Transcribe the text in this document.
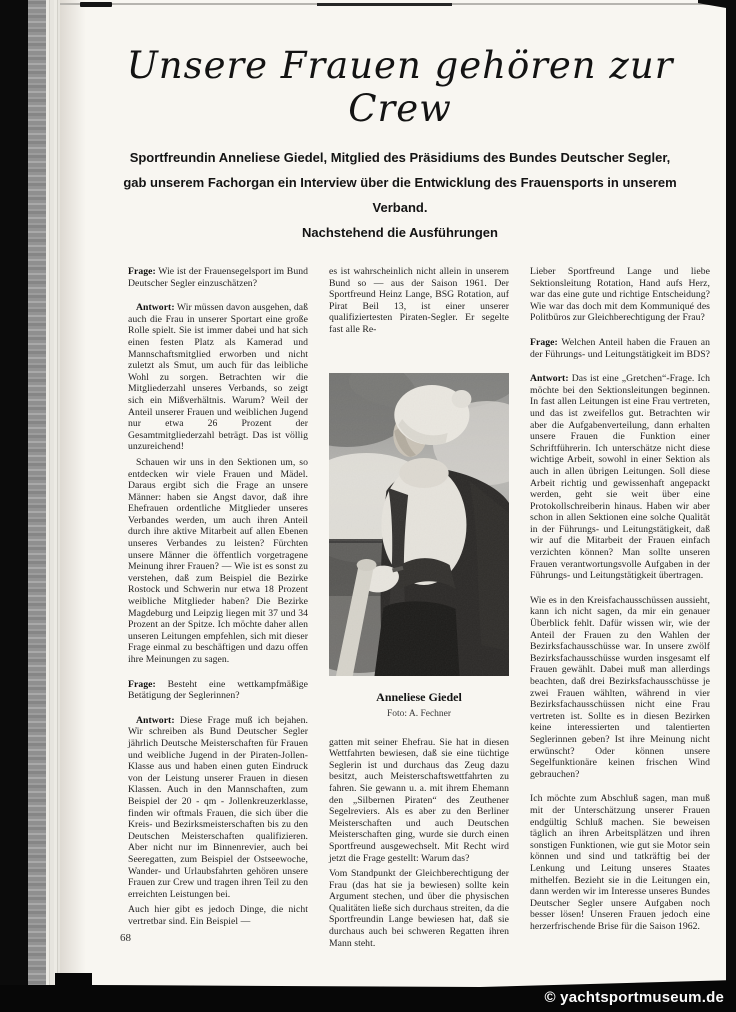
Unsere Frauen gehören zur Crew
Sportfreundin Anneliese Giedel, Mitglied des Präsidiums des Bundes Deutscher Segler,
gab unserem Fachorgan ein Interview über die Entwicklung des Frauensports in unserem Verband.
Nachstehend die Ausführungen

Frage: Wie ist der Frauensegelsport im Bund Deutscher Segler einzuschätzen?

Antwort: Wir müssen davon ausgehen, daß auch die Frau in unserer Sportart eine große Rolle spielt. Sie ist immer dabei und hat sich einen festen Platz als Kamerad und Mannschaftsmitglied erworben und nicht zuletzt als Smut, um auch für das leibliche Wohl zu sorgen. Betrachten wir die Mitgliederzahl unseres Verbands, so zeigt sich ein Mißverhältnis. Warum? Weil der Anteil unserer Frauen und weiblichen Jugend nur etwa 26 Prozent der Gesamtmitgliederzahl beträgt. Das ist völlig unzureichend!

Schauen wir uns in den Sektionen um, so entdecken wir viele Frauen und Mädel. Daraus ergibt sich die Frage an unsere Männer: haben sie Angst davor, daß ihre Ehefrauen ordentliche Mitglieder unseres Verbandes werden, um auch ihren Anteil durch ihre aktive Mitarbeit auf allen Ebenen unseres Verbandes zu leisten? Fürchten unsere Männer die öffentlich vorgetragene Meinung ihrer Frauen? — Wie ist es sonst zu verstehen, daß zum Beispiel die Bezirke Rostock und Schwerin nur etwa 18 Prozent weibliche Mitglieder haben? Die Bezirke Magdeburg und Leipzig liegen mit 37 und 34 Prozent an der Spitze. Ich möchte daher allen unseren Leitungen empfehlen, sich mit dieser Frage einmal zu beschäftigen und dazu offen ihre Meinungen zu sagen.

Frage: Besteht eine wettkampfmäßige Betätigung der Seglerinnen?

Antwort: Diese Frage muß ich bejahen. Wir schreiben als Bund Deutscher Segler jährlich Deutsche Meisterschaften für Frauen und weibliche Jugend in der Piraten-Jollen-Klasse aus und haben einen guten Eindruck von der Leistung unserer Frauen in diesen Klassen. Auch in den Mannschaften, zum Beispiel der 20 - qm - Jollenkreuzerklasse, finden wir oftmals Frauen, die sich über die Kreis- und Bezirksmeisterschaften bis zu den Deutschen Meisterschaften qualifizieren. Aber nicht nur im Binnenrevier, auch bei Seeregatten, zum Beispiel der Ostseewoche, Wander- und Urlaubsfahrten gehören unsere Frauen zur Crew und tragen ihren Teil zu den erreichten Leistungen bei.

Auch hier gibt es jedoch Dinge, die nicht vertretbar sind. Ein Beispiel —

es ist wahrscheinlich nicht allein in unserem Bund so — aus der Saison 1961. Der Sportfreund Heinz Lange, BSG Rotation, auf Pirat Beil 13, ist einer unserer qualifiziertesten Piraten-Segler. Er segelte fast alle Re-

Anneliese Giedel
Foto: A. Fechner

gatten mit seiner Ehefrau. Sie hat in diesen Wettfahrten bewiesen, daß sie eine tüchtige Seglerin ist und durchaus das Zeug dazu besitzt, auch Meisterschaftswettfahrten zu fahren. Sie gewann u. a. mit ihrem Ehemann den „Silbernen Piraten“ des Zeuthener Segelreviers. Als es aber zu den Berliner Meisterschaften und auch Deutschen Meisterschaften ging, wurde sie durch einen Sportfreund ausgewechselt. Mit Recht wird jetzt die Frage gestellt: Warum das?

Vom Standpunkt der Gleichberechtigung der Frau (das hat sie ja bewiesen) sollte kein Argument stechen, und über die physischen Qualitäten ließe sich durchaus streiten, da die Sportfreundin Lange bewiesen hat, daß sie durchaus auch bei schweren Regatten ihren Mann steht.

Lieber Sportfreund Lange und liebe Sektionsleitung Rotation, Hand aufs Herz, war das eine gute und richtige Entscheidung? Wie war das doch mit dem Kommuniqué des Politbüros zur Gleichberechtigung der Frau?

Frage: Welchen Anteil haben die Frauen an der Führungs- und Leitungstätigkeit im BDS?

Antwort: Das ist eine „Gretchen“-Frage. Ich möchte bei den Sektionsleitungen beginnen. In fast allen Leitungen ist eine Frau vertreten, und das ist zweifellos gut. Betrachten wir aber die Aufgabenverteilung, dann erhalten unsere Frauen die Funktion einer Schriftführerin. Ich unterschätze nicht diese wichtige Arbeit, sowohl in einer Sektion als auch in allen übrigen Leitungen. Soll diese Arbeit richtig und gewissenhaft angepackt werden, geht sie weit über eine Protokollschreiberin hinaus. Haben wir aber schon in allen Sektionen eine solche Qualität in der Führungs- und Leitungstätigkeit, daß wir auf die Mitarbeit der Frauen einfach verzichten können? Man sollte unseren Frauen verantwortungsvolle Aufgaben in der Führungs- und Leitungstätigkeit übertragen.

Wie es in den Kreisfachausschüssen aussieht, kann ich nicht sagen, da mir ein genauer Überblick fehlt. Dafür wissen wir, wie der Anteil der Frauen zu den Wahlen der Bezirksfachausschüsse war. In unsere zwölf Bezirksfachausschüsse wurden insgesamt elf Frauen gewählt. Dabei muß man allerdings beachten, daß drei Bezirksfachausschüsse je zwei Frauen wählten, während in vier Bezirksfachausschüssen nicht eine Frau vertreten ist. Sollte es in diesen Bezirken keine interessierten und talentierten Seglerinnen geben? Ist ihre Meinung nicht erwünscht? Oder können unsere Segelfunktionäre keinen frischen Wind gebrauchen?

Ich möchte zum Abschluß sagen, man muß mit der Unterschätzung unserer Frauen endgültig Schluß machen. Sie beweisen täglich an ihren Arbeitsplätzen und ihren sonstigen Funktionen, wie gut sie Motor sein können und sind und tatkräftig bei der Lenkung und Leitung unseres Staates mithelfen. Bezieht sie in die Leitungen ein, dann werden wir im Interesse unseres Bundes Deutscher Segler unsere Aufgaben noch besser lösen! Unseren Frauen jedoch eine herzerfrischende Brise für die Saison 1962.

68
© yachtsportmuseum.de
